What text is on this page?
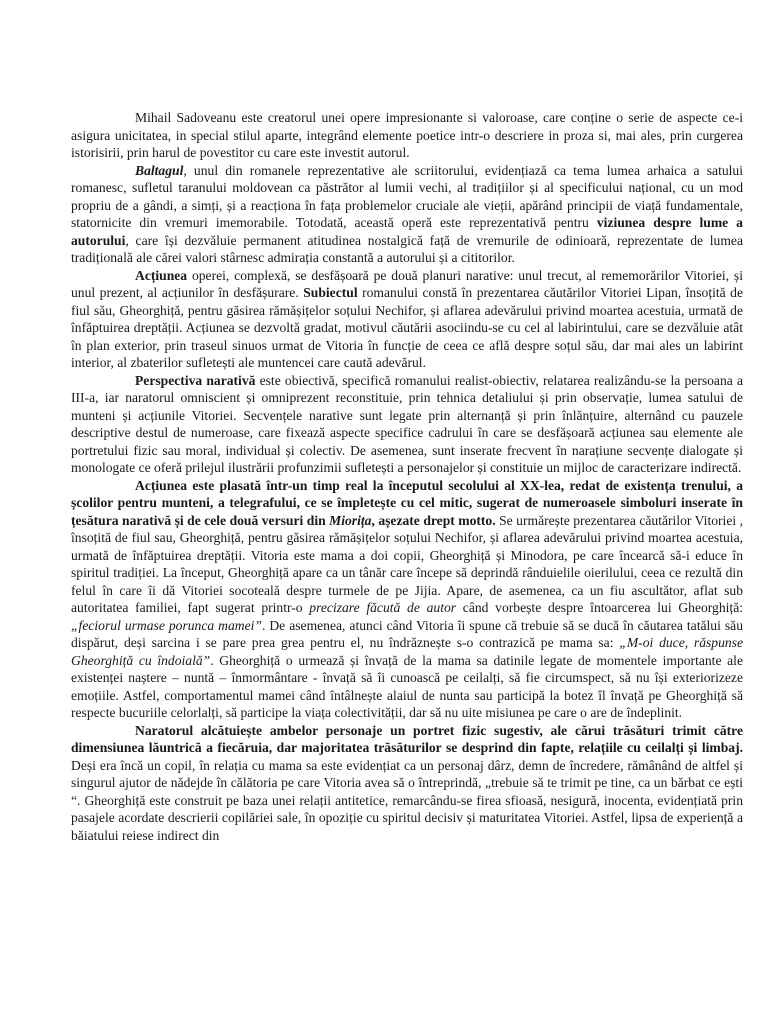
Mihail Sadoveanu este creatorul unei opere impresionante si valoroase, care conține o serie de aspecte ce-i asigura unicitatea, in special stilul aparte, integrând elemente poetice intr-o descriere in proza si, mai ales, prin curgerea istorisirii, prin harul de povestitor cu care este investit autorul.

Baltagul, unul din romanele reprezentative ale scriitorului, evidențiază ca tema lumea arhaica a satului romanesc, sufletul taranului moldovean ca păstrător al lumii vechi, al tradițiilor și al specificului național, cu un mod propriu de a gândi, a simți, și a reacționa în fața problemelor cruciale ale vieții, apărând principii de viață fundamentale, statornicite din vremuri imemorabile. Totodată, această operă este reprezentativă pentru viziunea despre lume a autorului, care își dezvăluie permanent atitudinea nostalgică față de vremurile de odinioară, reprezentate de lumea tradițională ale cărei valori stârnesc admirația constantă a autorului și a cititorilor.

Acțiunea operei, complexă, se desfășoară pe două planuri narative: unul trecut, al rememorărilor Vitoriei, și unul prezent, al acțiunilor în desfășurare. Subiectul romanului constă în prezentarea căutărilor Vitoriei Lipan, însoțită de fiul său, Gheorghiță, pentru găsirea rămășițelor soțului Nechifor, și aflarea adevărului privind moartea acestuia, urmată de înfăptuirea dreptății. Acțiunea se dezvoltă gradat, motivul căutării asociindu-se cu cel al labirintului, care se dezvăluie atât în plan exterior, prin traseul sinuos urmat de Vitoria în funcție de ceea ce află despre soțul său, dar mai ales un labirint interior, al zbaterilor sufletești ale muntencei care caută adevărul.

Perspectiva narativă este obiectivă, specifică romanului realist-obiectiv, relatarea realizându-se la persoana a III-a, iar naratorul omniscient și omniprezent reconstituie, prin tehnica detaliului și prin observație, lumea satului de munteni și acțiunile Vitoriei. Secvențele narative sunt legate prin alternanță și prin înlănțuire, alternând cu pauzele descriptive destul de numeroase, care fixează aspecte specifice cadrului în care se desfășoară acțiunea sau elemente ale portretului fizic sau moral, individual și colectiv. De asemenea, sunt inserate frecvent în narațiune secvențe dialogate și monologate ce oferă prilejul ilustrării profunzimii sufletești a personajelor și constituie un mijloc de caracterizare indirectă.

Acțiunea este plasată într-un timp real la începutul secolului al XX-lea, redat de existența trenului, a școlilor pentru munteni, a telegrafului, ce se împletește cu cel mitic, sugerat de numeroasele simboluri inserate în țesătura narativă și de cele două versuri din Miorița, așezate drept motto. Se urmărește prezentarea căutărilor Vitoriei , însoțită de fiul sau, Gheorghiță, pentru găsirea rămășițelor soțului Nechifor, și aflarea adevărului privind moartea acestuia, urmată de înfăptuirea dreptății. Vitoria este mama a doi copii, Gheorghiță și Minodora, pe care încearcă să-i educe în spiritul tradiției. La început, Gheorghiță apare ca un tânăr care începe să deprindă rânduielile oierilului, ceea ce rezultă din felul în care îi dă Vitoriei socoteală despre turmele de pe Jijia. Apare, de asemenea, ca un fiu ascultător, aflat sub autoritatea familiei, fapt sugerat printr-o precizare făcută de autor când vorbește despre întoarcerea lui Gheorghiță: „feciorul urmase porunca mamei”. De asemenea, atunci când Vitoria îi spune că trebuie să se ducă în căutarea tatălui său dispărut, deși sarcina i se pare prea grea pentru el, nu îndrăznește s-o contrazică pe mama sa: „M-oi duce, răspunse Gheorghiță cu îndoială”. Gheorghiță o urmează și învață de la mama sa datinile legate de momentele importante ale existenței naștere – nuntă – înmormântare - învață să îi cunoască pe ceilalți, să fie circumspect, să nu își exteriorizeze emoțiile. Astfel, comportamentul mamei când întâlnește alaiul de nunta sau participă la botez îl învață pe Gheorghiță să respecte bucuriile celorlalți, să participe la viața colectivității, dar să nu uite misiunea pe care o are de îndeplinit.

Naratorul alcătuiește ambelor personaje un portret fizic sugestiv, ale cărui trăsături trimit către dimensiunea lăuntrică a fiecăruia, dar majoritatea trăsăturilor se desprind din fapte, relațiile cu ceilalți și limbaj. Deși era încă un copil, în relația cu mama sa este evidențiat ca un personaj dârz, demn de încredere, rămânând de altfel și singurul ajutor de nădejde în călătoria pe care Vitoria avea să o întreprindă, „trebuie să te trimit pe tine, ca un bărbat ce ești “. Gheorghiță este construit pe baza unei relații antitetice, remarcându-se firea sfioasă, nesigură, inocenta, evidențiată prin pasajele acordate descrierii copilăriei sale, în opoziție cu spiritul decisiv și maturitatea Vitoriei. Astfel, lipsa de experiență a băiatului reiese indirect din
